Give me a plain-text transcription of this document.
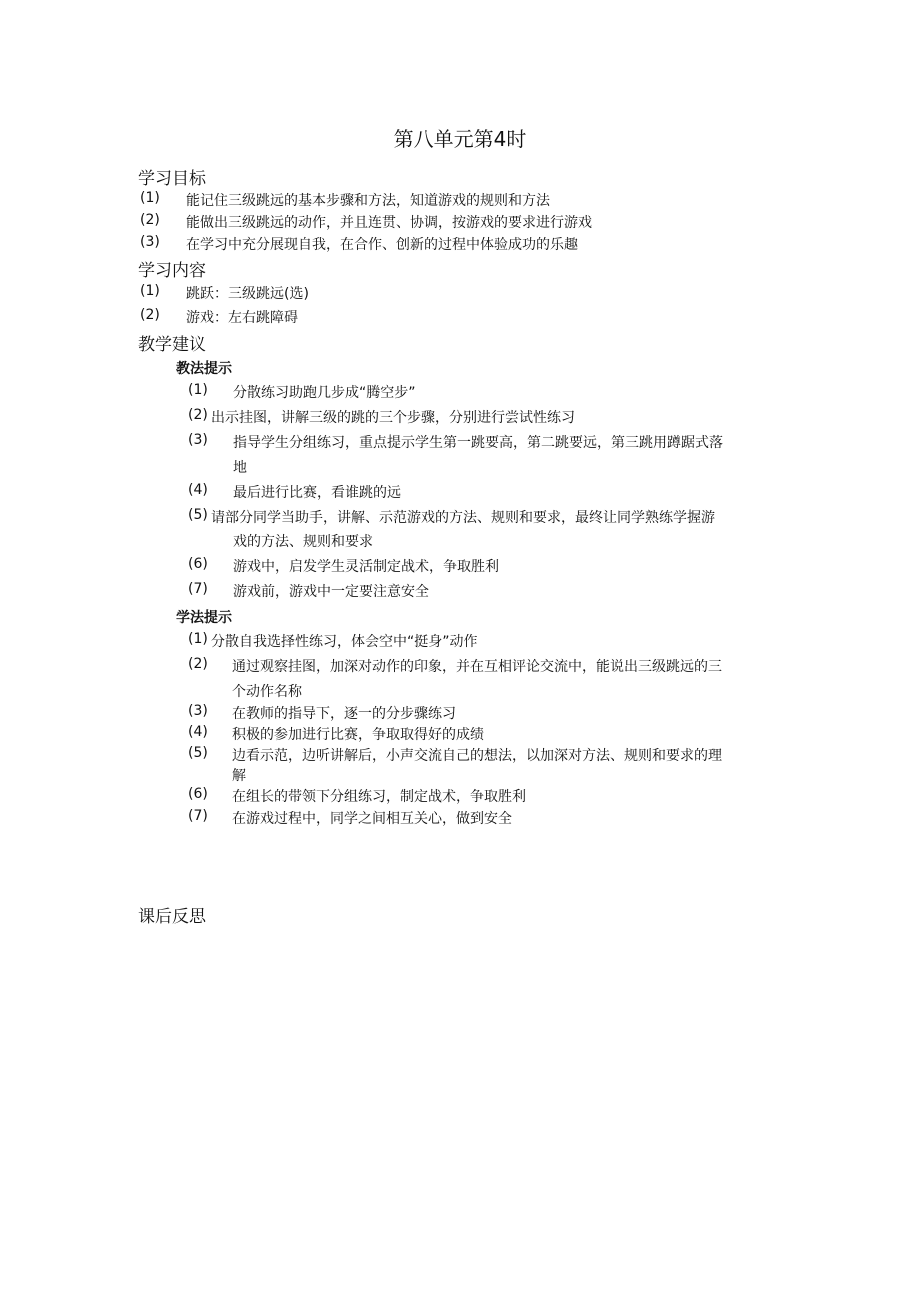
第八单元第4时
学习目标
(1) 能记住三级跳远的基本步骤和方法，知道游戏的规则和方法
(2) 能做出三级跳远的动作，并且连贯、协调，按游戏的要求进行游戏
(3) 在学习中充分展现自我，在合作、创新的过程中体验成功的乐趣
学习内容
(1) 跳跃：三级跳远(选)
(2) 游戏：左右跳障碍
教学建议
教法提示
(1) 分散练习助跑几步成“腾空步”
(2) 出示挂图，讲解三级的跳的三个步骤，分别进行尝试性练习
(3) 指导学生分组练习，重点提示学生第一跳要高，第二跳要远，第三跳用蹲踞式落
地
(4) 最后进行比赛，看谁跳的远
(5) 请部分同学当助手，讲解、示范游戏的方法、规则和要求，最终让同学熟练学握游
戏的方法、规则和要求
(6) 游戏中，启发学生灵活制定战术，争取胜利
(7) 游戏前，游戏中一定要注意安全
学法提示
(1) 分散自我选择性练习，体会空中“挺身”动作
(2) 通过观察挂图，加深对动作的印象，并在互相评论交流中，能说出三级跳远的三
个动作名称
(3) 在教师的指导下，逐一的分步骤练习
(4) 积极的参加进行比赛，争取取得好的成绩
(5) 边看示范，边听讲解后，小声交流自己的想法，以加深对方法、规则和要求的理
解
(6) 在组长的带领下分组练习，制定战术，争取胜利
(7) 在游戏过程中，同学之间相互关心，做到安全
课后反思
